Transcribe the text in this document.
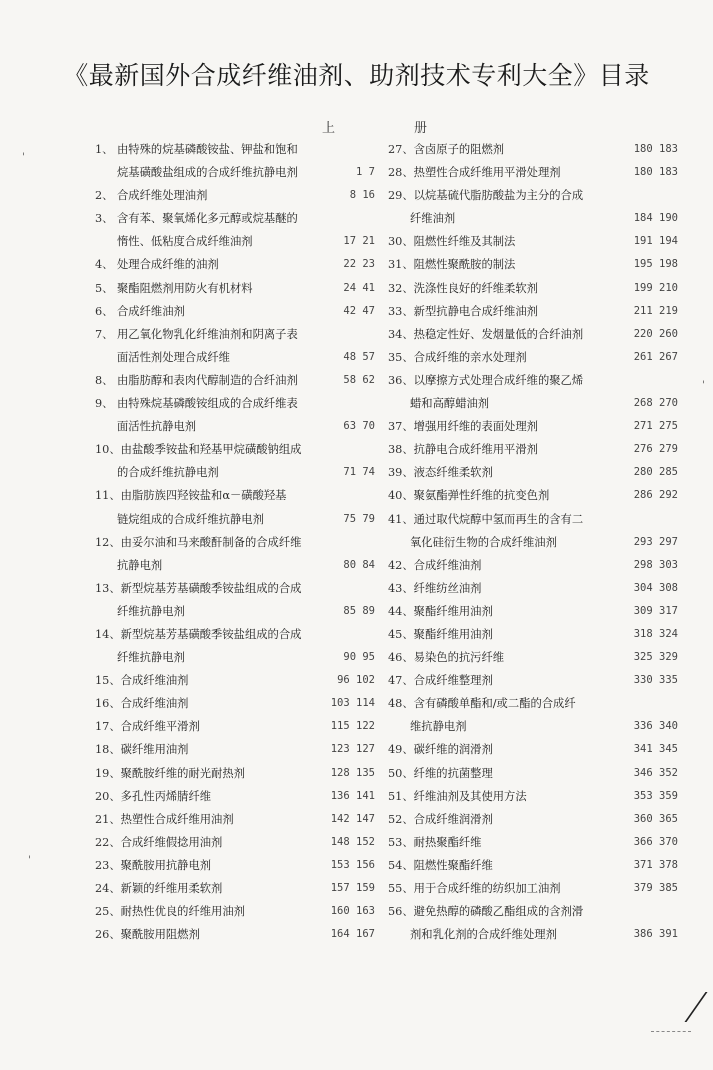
《最新国外合成纤维油剂、助剂技术专利大全》目录
上	册
1、 由特殊的烷基磷酸铵盐、钾盐和饱和
烷基磺酸盐组成的合成纤维抗静电剂	1 7
2、 合成纤维处理油剂	8 16
3、 含有苯、聚氧烯化多元醇或烷基醚的
惰性、低粘度合成纤维油剂	17 21
4、 处理合成纤维的油剂	22 23
5、 聚酯阻燃剂用防火有机材料	24 41
6、 合成纤维油剂	42 47
7、 用乙氧化物乳化纤维油剂和阴离子表
面活性剂处理合成纤维	48 57
8、 由脂肪醇和表肉代醇制造的合纤油剂	58 62
9、 由特殊烷基磷酸铵组成的合成纤维表
面活性抗静电剂	63 70
10、由盐酸季铵盐和羟基甲烷磺酸钠组成
的合成纤维抗静电剂	71 74
11、由脂肪族四羟铵盐和α－磺酸羟基
链烷组成的合成纤维抗静电剂	75 79
12、由妥尔油和马来酸酐制备的合成纤维
抗静电剂	80 84
13、新型烷基芳基磺酸季铵盐组成的合成
纤维抗静电剂	85 89
14、新型烷基芳基磺酸季铵盐组成的合成
纤维抗静电剂	90 95
15、合成纤维油剂	96 102
16、合成纤维油剂	103 114
17、合成纤维平滑剂	115 122
18、碳纤维用油剂	123 127
19、聚酰胺纤维的耐光耐热剂	128 135
20、多孔性丙烯腈纤维	136 141
21、热塑性合成纤维用油剂	142 147
22、合成纤维假捻用油剂	148 152
23、聚酰胺用抗静电剂	153 156
24、新颖的纤维用柔软剂	157 159
25、耐热性优良的纤维用油剂	160 163
26、聚酰胺用阻燃剂	164 167
27、含卤原子的阻燃剂	180 183
28、热塑性合成纤维用平滑处理剂	180 183
29、以烷基硫代脂肪酸盐为主分的合成
纤维油剂	184 190
30、阻燃性纤维及其制法	191 194
31、阻燃性聚酰胺的制法	195 198
32、洗涤性良好的纤维柔软剂	199 210
33、新型抗静电合成纤维油剂	211 219
34、热稳定性好、发烟量低的合纤油剂	220 260
35、合成纤维的亲水处理剂	261 267
36、以摩擦方式处理合成纤维的聚乙烯
蜡和高醇蜡油剂	268 270
37、增强用纤维的表面处理剂	271 275
38、抗静电合成纤维用平滑剂	276 279
39、液态纤维柔软剂	280 285
40、聚氨酯弹性纤维的抗变色剂	286 292
41、通过取代烷醇中氢而再生的含有二
氧化硅衍生物的合成纤维油剂	293 297
42、合成纤维油剂	298 303
43、纤维纺丝油剂	304 308
44、聚酯纤维用油剂	309 317
45、聚酯纤维用油剂	318 324
46、易染色的抗污纤维	325 329
47、合成纤维整理剂	330 335
48、含有磷酸单酯和/或二酯的合成纤
维抗静电剂	336 340
49、碳纤维的润滑剂	341 345
50、纤维的抗菌整理	346 352
51、纤维油剂及其使用方法	353 359
52、合成纤维润滑剂	360 365
53、耐热聚酯纤维	366 370
54、阻燃性聚酯纤维	371 378
55、用于合成纤维的纺织加工油剂	379 385
56、避免热醇的磷酸乙酯组成的含剂滑
剂和乳化剂的合成纤维处理剂	386 391
'
'
'
